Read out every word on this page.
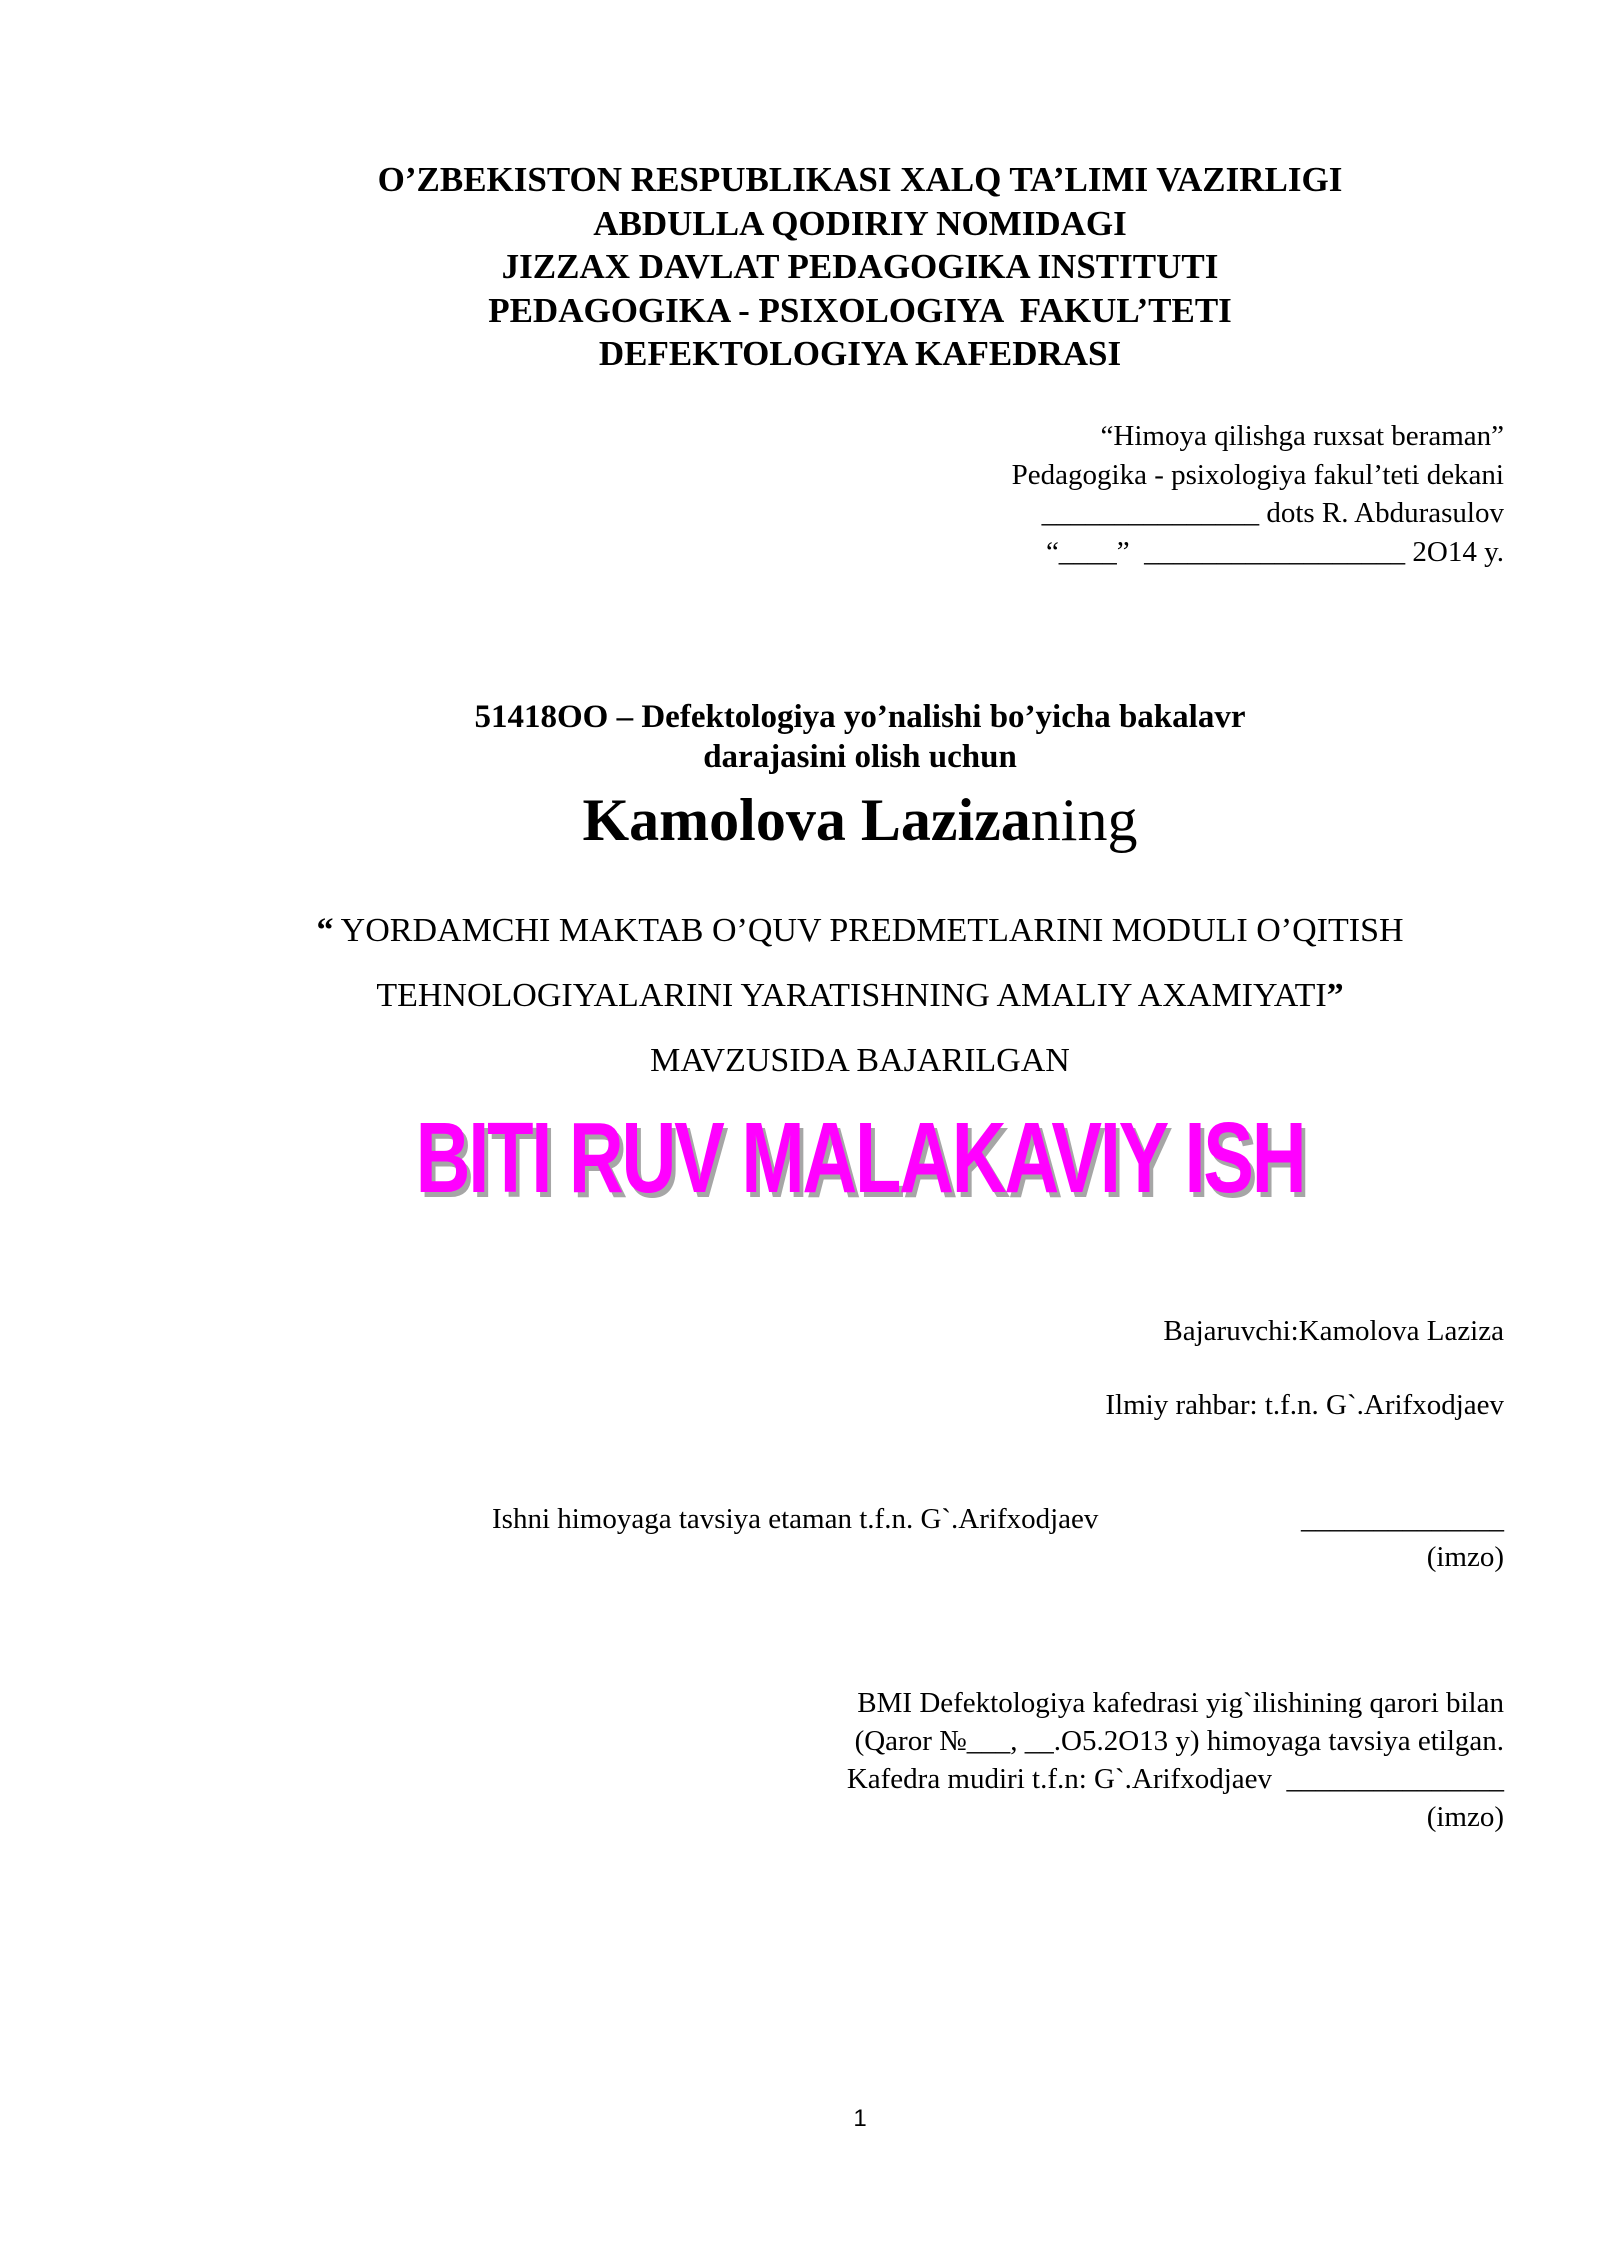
O’ZBEKISTON RESPUBLIKASI XALQ TA’LIMI VAZIRLIGI
ABDULLA QODIRIY NOMIDAGI
JIZZAX DAVLAT PEDAGOGIKA INSTITUTI
PEDAGOGIKA - PSIXOLOGIYA  FAKUL’TETI
DEFEKTOLOGIYA KAFEDRASI
“Himoya qilishga ruxsat beraman”
Pedagogika - psixologiya fakul’teti dekani
_______________ dots R. Abdurasulov
“____”  __________________ 2O14 y.
51418OO – Defektologiya yo’nalishi bo’yicha bakalavr
darajasini olish uchun
Kamolova Lazizaning
“ YORDAMCHI MAKTAB O’QUV PREDMETLARINI MODULI O’QITISH
TEHNOLOGIYALARINI YARATISHNING AMALIY AXAMIYATI”
MAVZUSIDA BAJARILGAN
BITI RUV MALAKAVIY ISH
Bajaruvchi:Kamolova Laziza
Ilmiy rahbar: t.f.n. G`.Arifxodjaev
Ishni himoyaga tavsiya etaman t.f.n. G`.Arifxodjaev	______________
(imzo)
BMI Defektologiya kafedrasi yig`ilishining qarori bilan
(Qaror №___, __.O5.2O13 y) himoyaga tavsiya etilgan.
Kafedra mudiri t.f.n: G`.Arifxodjaev  _______________
(imzo)
1
